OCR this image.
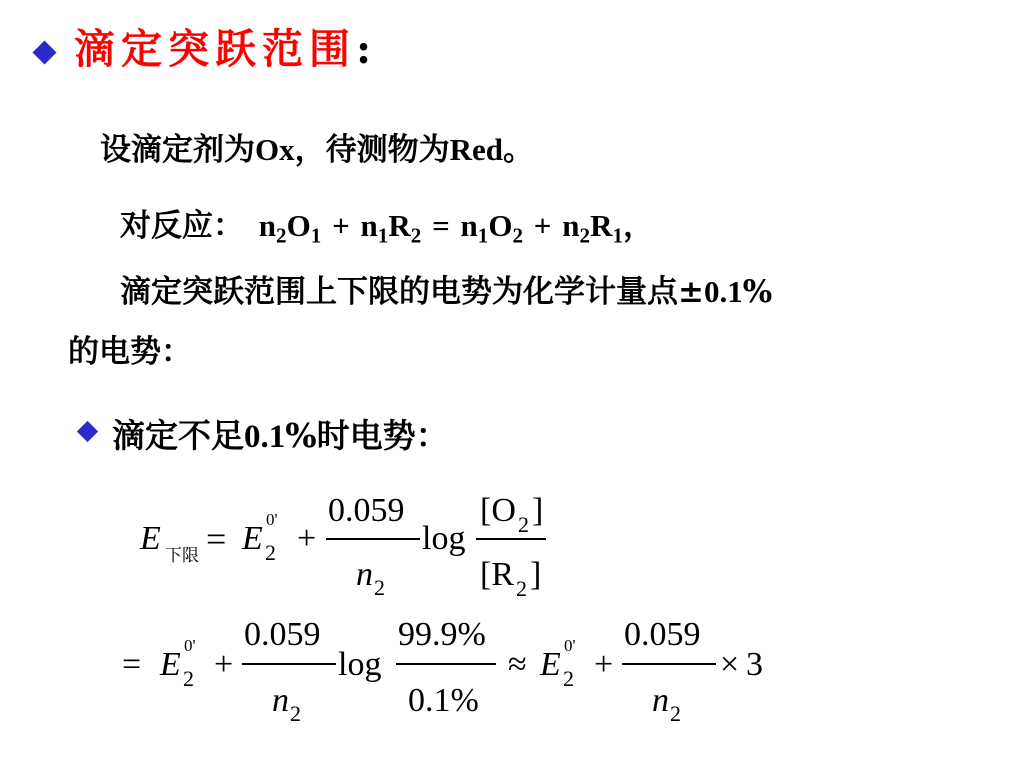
滴定突跃范围:
设滴定剂为Ox，待测物为Red。
对反应： $n_2O_1 + n_1R_2 = n_1O_2 + n_2R_1$，
滴定突跃范围上下限的电势为化学计量点±0.1%
的电势：
滴定不足0.1%时电势：
E 下限 = E
0'
2 +
0.059
n 2
log
[O 2 ]
[R 2 ]
= E
0'
2 +
0.059
n 2
log
99.9%
0.1%
≈ E
0'
2 +
0.059
n 2
× 3
